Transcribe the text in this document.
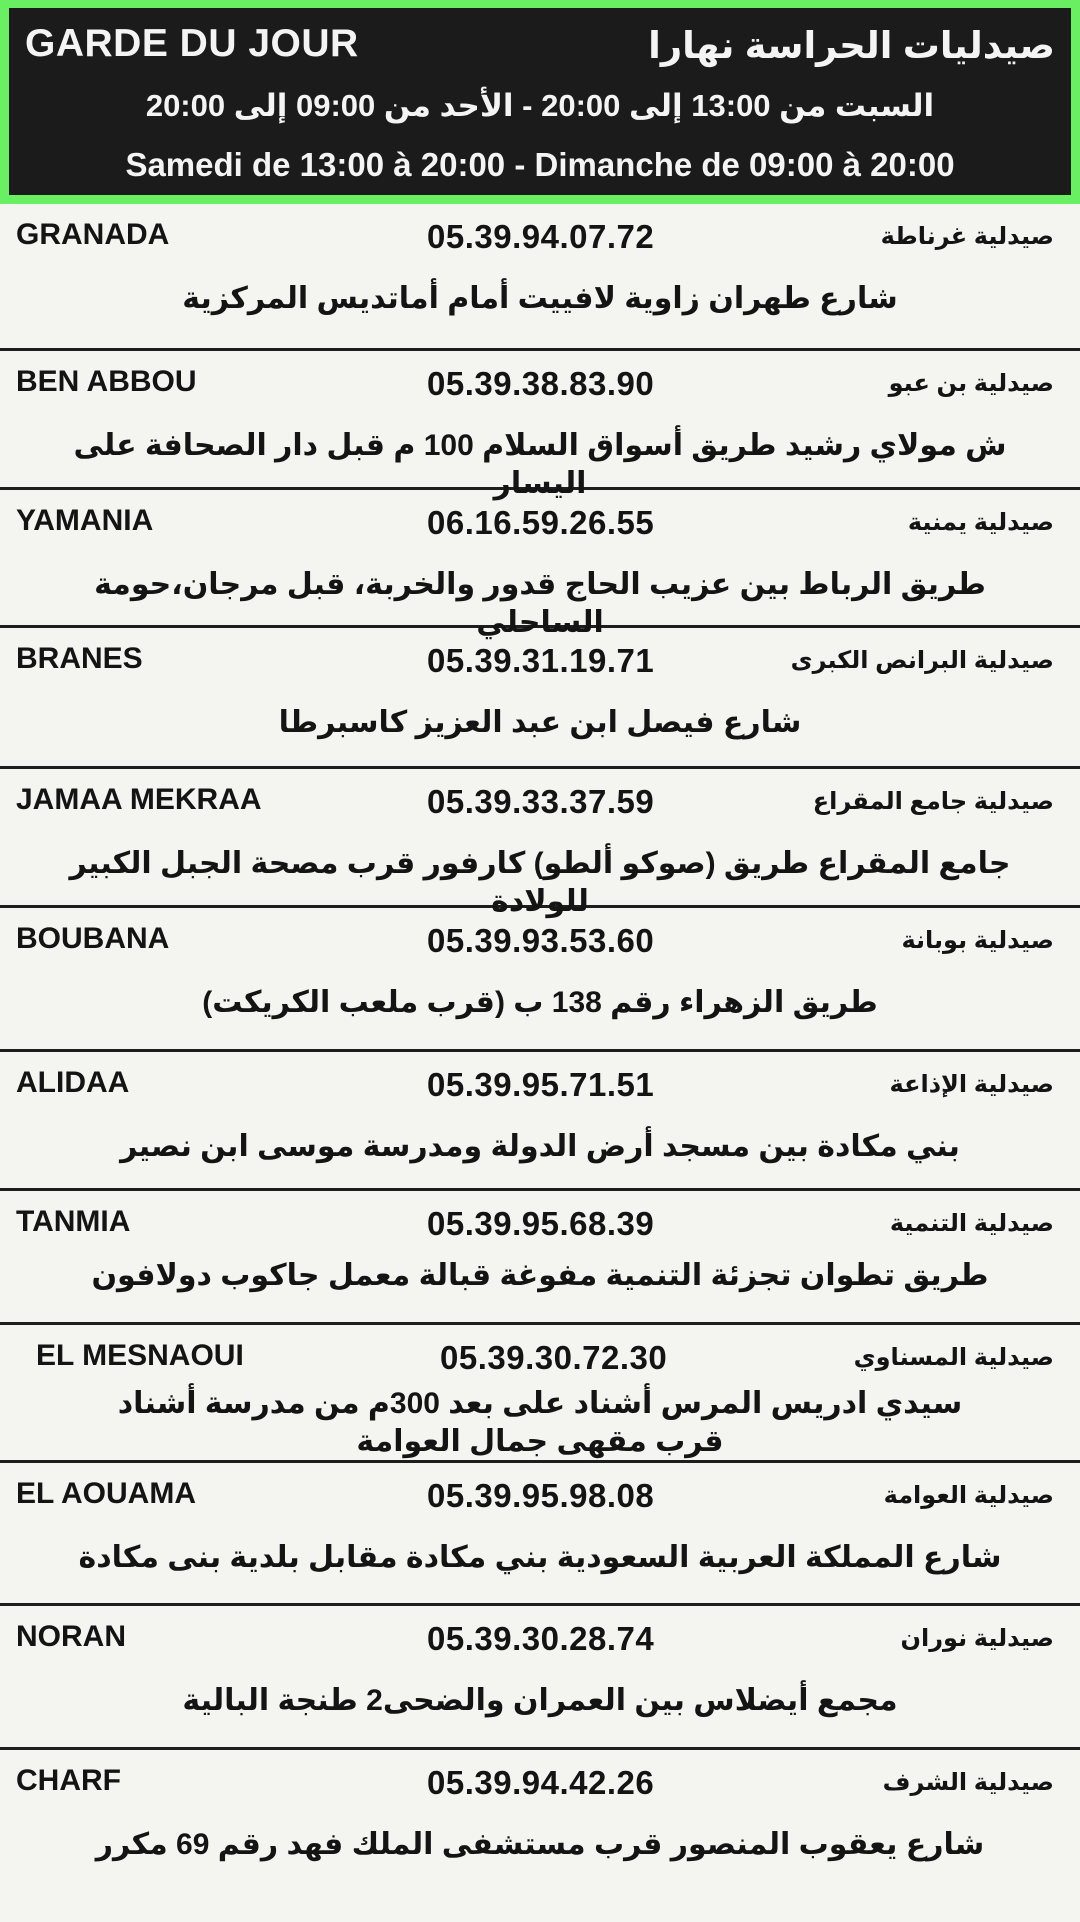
GARDE DU JOUR	صيدليات الحراسة نهارا
السبت من 13:00 إلى 20:00 - الأحد من 09:00 إلى 20:00
Samedi de 13:00 à 20:00 - Dimanche de 09:00 à 20:00
GRANADA	05.39.94.07.72	صيدلية غرناطة
شارع طهران زاوية لافييت أمام أماتديس المركزية
BEN ABBOU	05.39.38.83.90	صيدلية بن عبو
ش مولاي رشيد طريق أسواق السلام 100 م قبل دار الصحافة على اليسار
YAMANIA	06.16.59.26.55	صيدلية يمنية
طريق الرباط بين عزيب الحاج قدور والخربة، قبل مرجان،حومة الساحلي
BRANES	05.39.31.19.71	صيدلية البرانص الكبرى
شارع فيصل ابن عبد العزيز كاسبرطا
JAMAA MEKRAA	05.39.33.37.59	صيدلية جامع المقراع
جامع المقراع طريق (صوكو ألطو) كارفور قرب مصحة الجبل الكبير للولادة
BOUBANA	05.39.93.53.60	صيدلية بوبانة
طريق الزهراء رقم 138 ب (قرب ملعب الكريكت)
ALIDAA	05.39.95.71.51	صيدلية الإذاعة
بني مكادة بين مسجد أرض الدولة ومدرسة موسى ابن نصير
TANMIA	05.39.95.68.39	صيدلية التنمية
طريق تطوان تجزئة التنمية مفوغة قبالة معمل جاكوب دولافون
EL MESNAOUI	05.39.30.72.30	صيدلية المسناوي
سيدي ادريس المرس أشناد على بعد 300م من مدرسة أشناد قرب مقهى جمال العوامة
EL AOUAMA	05.39.95.98.08	صيدلية العوامة
شارع المملكة العربية السعودية بني مكادة مقابل بلدية بنى مكادة
NORAN	05.39.30.28.74	صيدلية نوران
مجمع أيضلاس بين العمران والضحى2 طنجة البالية
CHARF	05.39.94.42.26	صيدلية الشرف
شارع يعقوب المنصور قرب مستشفى الملك فهد رقم 69 مكرر
